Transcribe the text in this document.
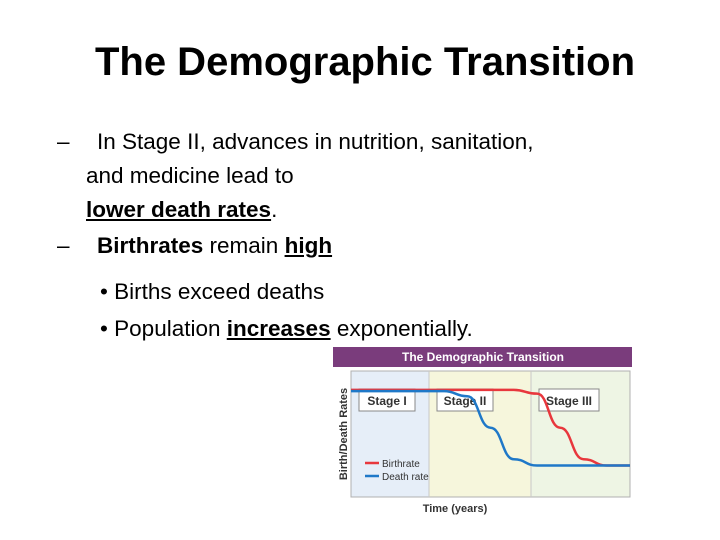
The Demographic Transition
– In Stage II, advances in nutrition, sanitation,
and medicine lead to
lower death rates.
– Birthrates remain high
• Births exceed deaths
• Population increases exponentially.
The Demographic Transition
Stage I	Stage II	Stage III
Birth/Death Rates	Birthrate
Death rate
Time (years)
